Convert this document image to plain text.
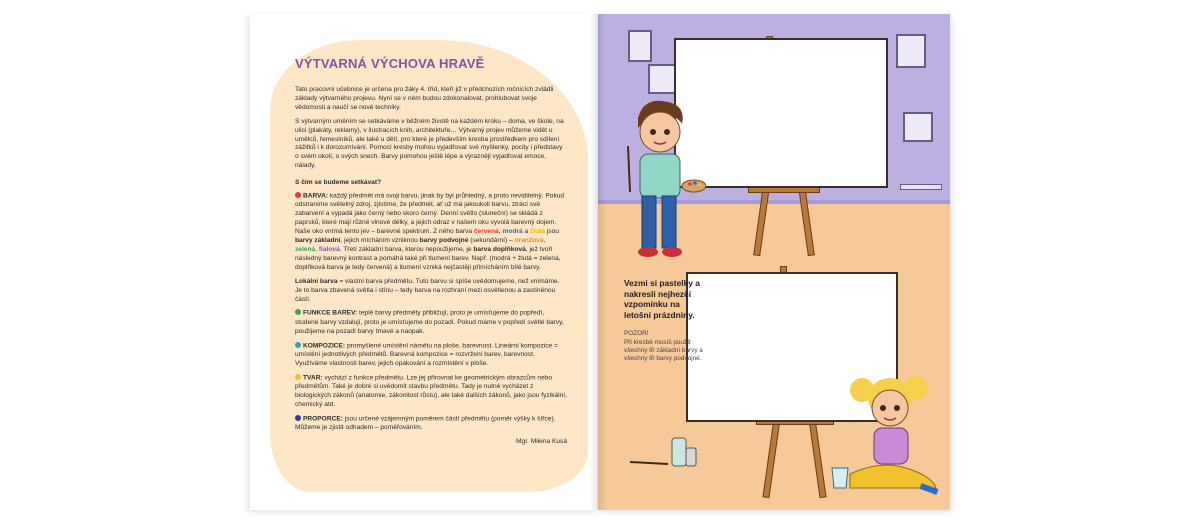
VÝTVARNÁ VÝCHOVA HRAVĚ

Tato pracovní učebnice je určena pro žáky 4. tříd, kteří již v předchozích ročnících zvládli základy výtvarného projevu. Nyní se v něm budou zdokonalovat, prohlubovat svoje vědomosti a naučí se nové techniky.

S výtvarným uměním se setkáváme v běžném životě na každém kroku – doma, ve škole, na ulici (plakáty, reklamy), v ilustracích knih, architektuře… Výtvarný projev můžeme vidět u umělců, řemeslníků, ale také u dětí, pro které je především kresba prostředkem pro sdílení zážitků i k dorozumívání. Pomocí kresby mohou vyjadřovat své myšlenky, pocity i představy o svém okolí, o svých snech. Barvy pomohou ještě lépe a výrazněji vyjadřovat emoce, nálady.

S čím se budeme setkávat?

BARVA: každý předmět má svoji barvu, jinak by byl průhledný, a proto neviditelný. Pokud odstraníme světelný zdroj, zjistíme, že předmět, ať už má jakoukoli barvu, ztrácí své zabarvení a vypadá jako černý nebo skoro černý. Denní světlo (sluneční) se skládá z paprsků, které mají různé vlnové délky, a jejich odraz v našem oku vyvolá barevný dojem. Naše oko vnímá tento jev – barevné spektrum. Z něho barva červená, modrá a žlutá jsou barvy základní, jejich mícháním vzniknou barvy podvojné (sekundární) – oranžová, zelená, fialová. Třetí základní barva, kterou nepoužijeme, je barva doplňková, jež tvoří následný barevný kontrast a pomáhá také při tlumení barev. Např. (modrá + žlutá = zelená, doplňková barva je tedy červená) a tlumení vzniká nejčastěji přimícháním bílé barvy.

Lokální barva = vlastní barva předmětu. Tuto barvu si spíše uvědomujeme, než vnímáme. Je to barva zbavená světla i stínu – tedy barva na rozhraní mezi osvětlenou a zastíněnou částí.

FUNKCE BAREV: teplé barvy předměty přibližují, proto je umísťujeme do popředí, studené barvy vzdalují, proto je umísťujeme do pozadí. Pokud máme v popředí světlé barvy, použijeme na pozadí barvy tmavé a naopak.

KOMPOZICE: promyšlené umístění námětu na ploše, barevnost. Lineární kompozice = umístění jednotlivých předmětů. Barevná kompozice = rozvržení barev, barevnost. Využíváme vlastnosti barev, jejich opakování a rozmístění v ploše.

TVAR: vychází z funkce předmětu. Lze jej přirovnat ke geometrickým obrazcům nebo předmětům. Také je dobré si uvědomit stavbu předmětu. Tady je nutné vycházet z biologických zákonů (anatomie, zákonitost růstu), ale také dalších zákonů, jako jsou fyzikální, chemický atd.

PROPORCE: jsou určené vzájemným poměrem částí předmětu (poměr výšky k šířce). Můžeme je zjistit odhadem – poměřováním.

Mgr. Milena Kusá

Vezmi si pastelky a nakresli nejhezčí vzpomínku na letošní prázdniny.

POZOR!

Při kresbě musíš použít všechny tři základní barvy a všechny tři barvy podvojné.
